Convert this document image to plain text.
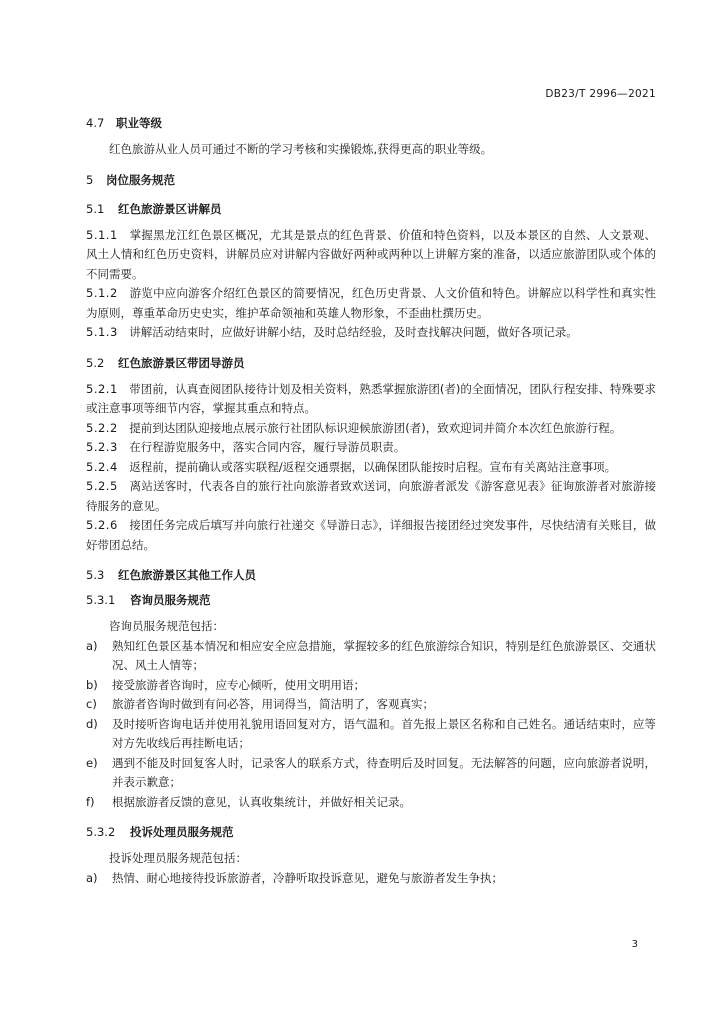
DB23/T 2996—2021
4.7 职业等级
红色旅游从业人员可通过不断的学习考核和实操锻炼,获得更高的职业等级。
5 岗位服务规范
5.1 红色旅游景区讲解员
5.1.1　 掌握黑龙江红色景区概况，尤其是景点的红色背景、价值和特色资料，以及本景区的自然、人文景观、风土人情和红色历史资料，讲解员应对讲解内容做好两种或两种以上讲解方案的准备，以适应旅游团队或个体的不同需要。
5.1.2　 游览中应向游客介绍红色景区的简要情况，红色历史背景、人文价值和特色。讲解应以科学性和真实性为原则，尊重革命历史史实，维护革命领袖和英雄人物形象，不歪曲杜撰历史。
5.1.3　 讲解活动结束时，应做好讲解小结，及时总结经验，及时查找解决问题，做好各项记录。
5.2 红色旅游景区带团导游员
5.2.1　 带团前，认真查阅团队接待计划及相关资料，熟悉掌握旅游团(者)的全面情况，团队行程安排、特殊要求或注意事项等细节内容，掌握其重点和特点。
5.2.2　 提前到达团队迎接地点展示旅行社团队标识迎候旅游团(者)，致欢迎词并简介本次红色旅游行程。
5.2.3　 在行程游览服务中，落实合同内容，履行导游员职责。
5.2.4　 返程前，提前确认或落实联程/返程交通票据，以确保团队能按时启程。宣布有关离站注意事项。
5.2.5　 离站送客时，代表各自的旅行社向旅游者致欢送词，向旅游者派发《游客意见表》征询旅游者对旅游接待服务的意见。
5.2.6　 接团任务完成后填写并向旅行社递交《导游日志》，详细报告接团经过突发事件，尽快结清有关账目，做好带团总结。
5.3 红色旅游景区其他工作人员
5.3.1 咨询员服务规范
咨询员服务规范包括：
a)	熟知红色景区基本情况和相应安全应急措施，掌握较多的红色旅游综合知识，特别是红色旅游景区、交通状况、风土人情等；
b)	接受旅游者咨询时，应专心倾听，使用文明用语；
c)	旅游者咨询时做到有问必答，用词得当，简洁明了，客观真实；
d)	及时接听咨询电话并使用礼貌用语回复对方，语气温和。首先报上景区名称和自己姓名。通话结束时，应等对方先收线后再挂断电话；
e)	遇到不能及时回复客人时，记录客人的联系方式，待查明后及时回复。无法解答的问题，应向旅游者说明，并表示歉意；
f)	根据旅游者反馈的意见，认真收集统计，并做好相关记录。
5.3.2 投诉处理员服务规范
投诉处理员服务规范包括：
a)	热情、耐心地接待投诉旅游者，冷静听取投诉意见，避免与旅游者发生争执；
3
